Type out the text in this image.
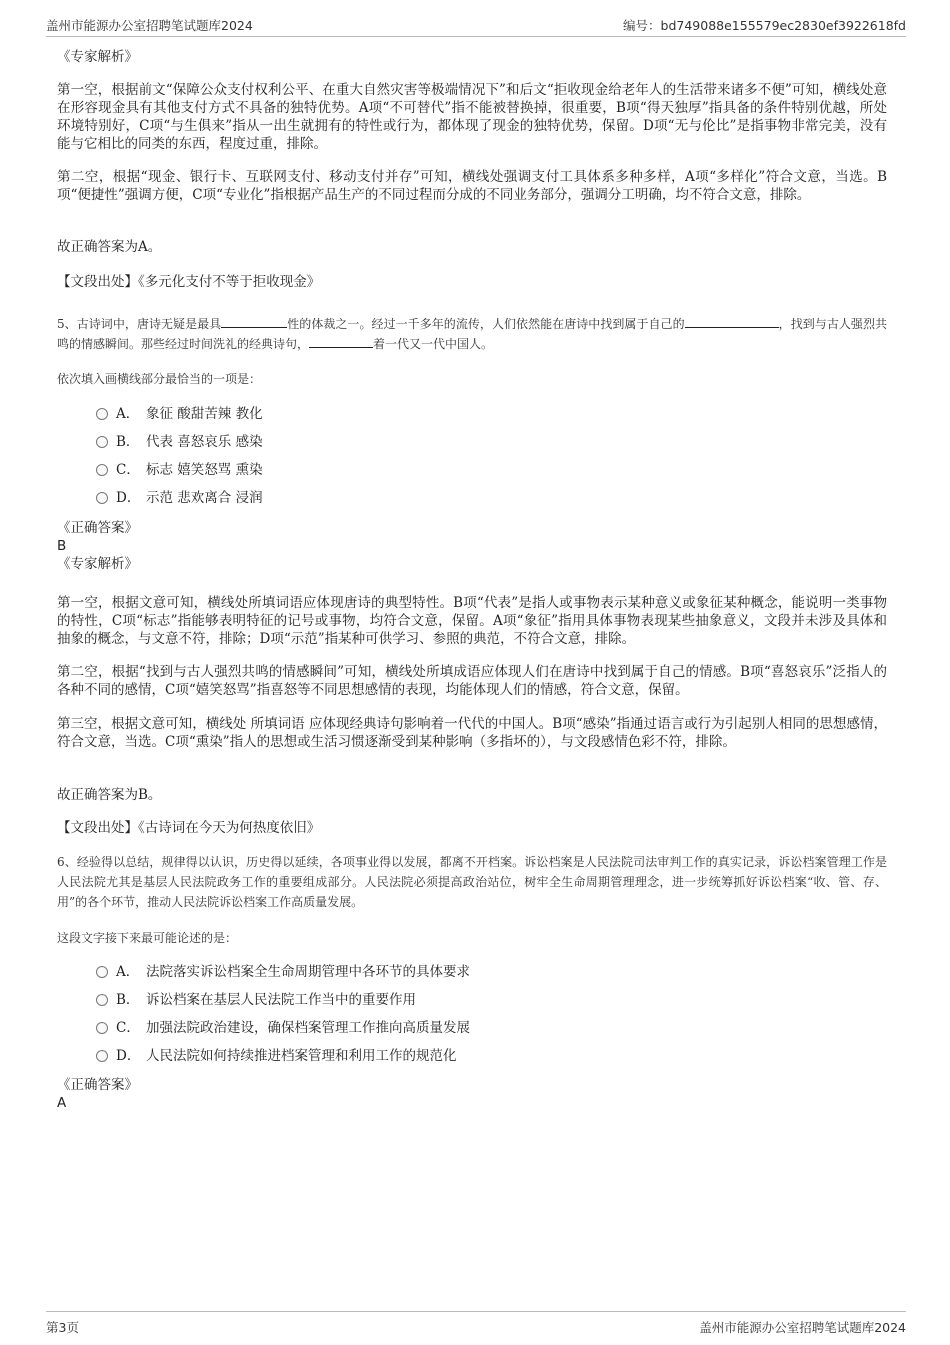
盖州市能源办公室招聘笔试题库2024	编号：bd749088e155579ec2830ef3922618fd

《专家解析》

第一空，根据前文“保障公众支付权利公平、在重大自然灾害等极端情况下”和后文“拒收现金给老年人的生活带来诸多不便”可知，横线处意在形容现金具有其他支付方式不具备的独特优势。A项“不可替代”指不能被替换掉，很重要，B项“得天独厚”指具备的条件特别优越，所处环境特别好，C项“与生俱来”指从一出生就拥有的特性或行为，都体现了现金的独特优势，保留。D项“无与伦比”是指事物非常完美，没有能与它相比的同类的东西，程度过重，排除。

第二空，根据“现金、银行卡、互联网支付、移动支付并存”可知，横线处强调支付工具体系多种多样，A项“多样化”符合文意，当选。B项“便捷性”强调方便，C项“专业化”指根据产品生产的不同过程而分成的不同业务部分，强调分工明确，均不符合文意，排除。

故正确答案为A。

【文段出处】《多元化支付不等于拒收现金》

5、古诗词中，唐诗无疑是最具	性的体裁之一。经过一千多年的流传，人们依然能在唐诗中找到属于自己的	，找到与古人强烈共鸣的情感瞬间。那些经过时间洗礼的经典诗句，	着一代又一代中国人。

依次填入画横线部分最恰当的一项是：

A． 象征 酸甜苦辣 教化
B． 代表 喜怒哀乐 感染
C． 标志 嬉笑怒骂 熏染
D． 示范 悲欢离合 浸润

《正确答案》

B

《专家解析》

第一空，根据文意可知，横线处所填词语应体现唐诗的典型特性。B项“代表”是指人或事物表示某种意义或象征某种概念，能说明一类事物的特性，C项“标志”指能够表明特征的记号或事物，均符合文意，保留。A项“象征”指用具体事物表现某些抽象意义，文段并未涉及具体和抽象的概念，与文意不符，排除；D项“示范”指某种可供学习、参照的典范，不符合文意，排除。

第二空，根据“找到与古人强烈共鸣的情感瞬间”可知，横线处所填成语应体现人们在唐诗中找到属于自己的情感。B项“喜怒哀乐”泛指人的各种不同的感情，C项“嬉笑怒骂”指喜怒等不同思想感情的表现，均能体现人们的情感，符合文意，保留。

第三空，根据文意可知，横线处 所填词语 应体现经典诗句影响着一代代的中国人。B项“感染”指通过语言或行为引起别人相同的思想感情，符合文意，当选。C项“熏染”指人的思想或生活习惯逐渐受到某种影响（多指坏的），与文段感情色彩不符，排除。

故正确答案为B。

【文段出处】《古诗词在今天为何热度依旧》

6、经验得以总结，规律得以认识，历史得以延续，各项事业得以发展，都离不开档案。诉讼档案是人民法院司法审判工作的真实记录，诉讼档案管理工作是人民法院尤其是基层人民法院政务工作的重要组成部分。人民法院必须提高政治站位，树牢全生命周期管理理念，进一步统筹抓好诉讼档案“收、管、存、用”的各个环节，推动人民法院诉讼档案工作高质量发展。

这段文字接下来最可能论述的是：

A． 法院落实诉讼档案全生命周期管理中各环节的具体要求
B． 诉讼档案在基层人民法院工作当中的重要作用
C． 加强法院政治建设，确保档案管理工作推向高质量发展
D． 人民法院如何持续推进档案管理和利用工作的规范化

《正确答案》

A

第3页	盖州市能源办公室招聘笔试题库2024
